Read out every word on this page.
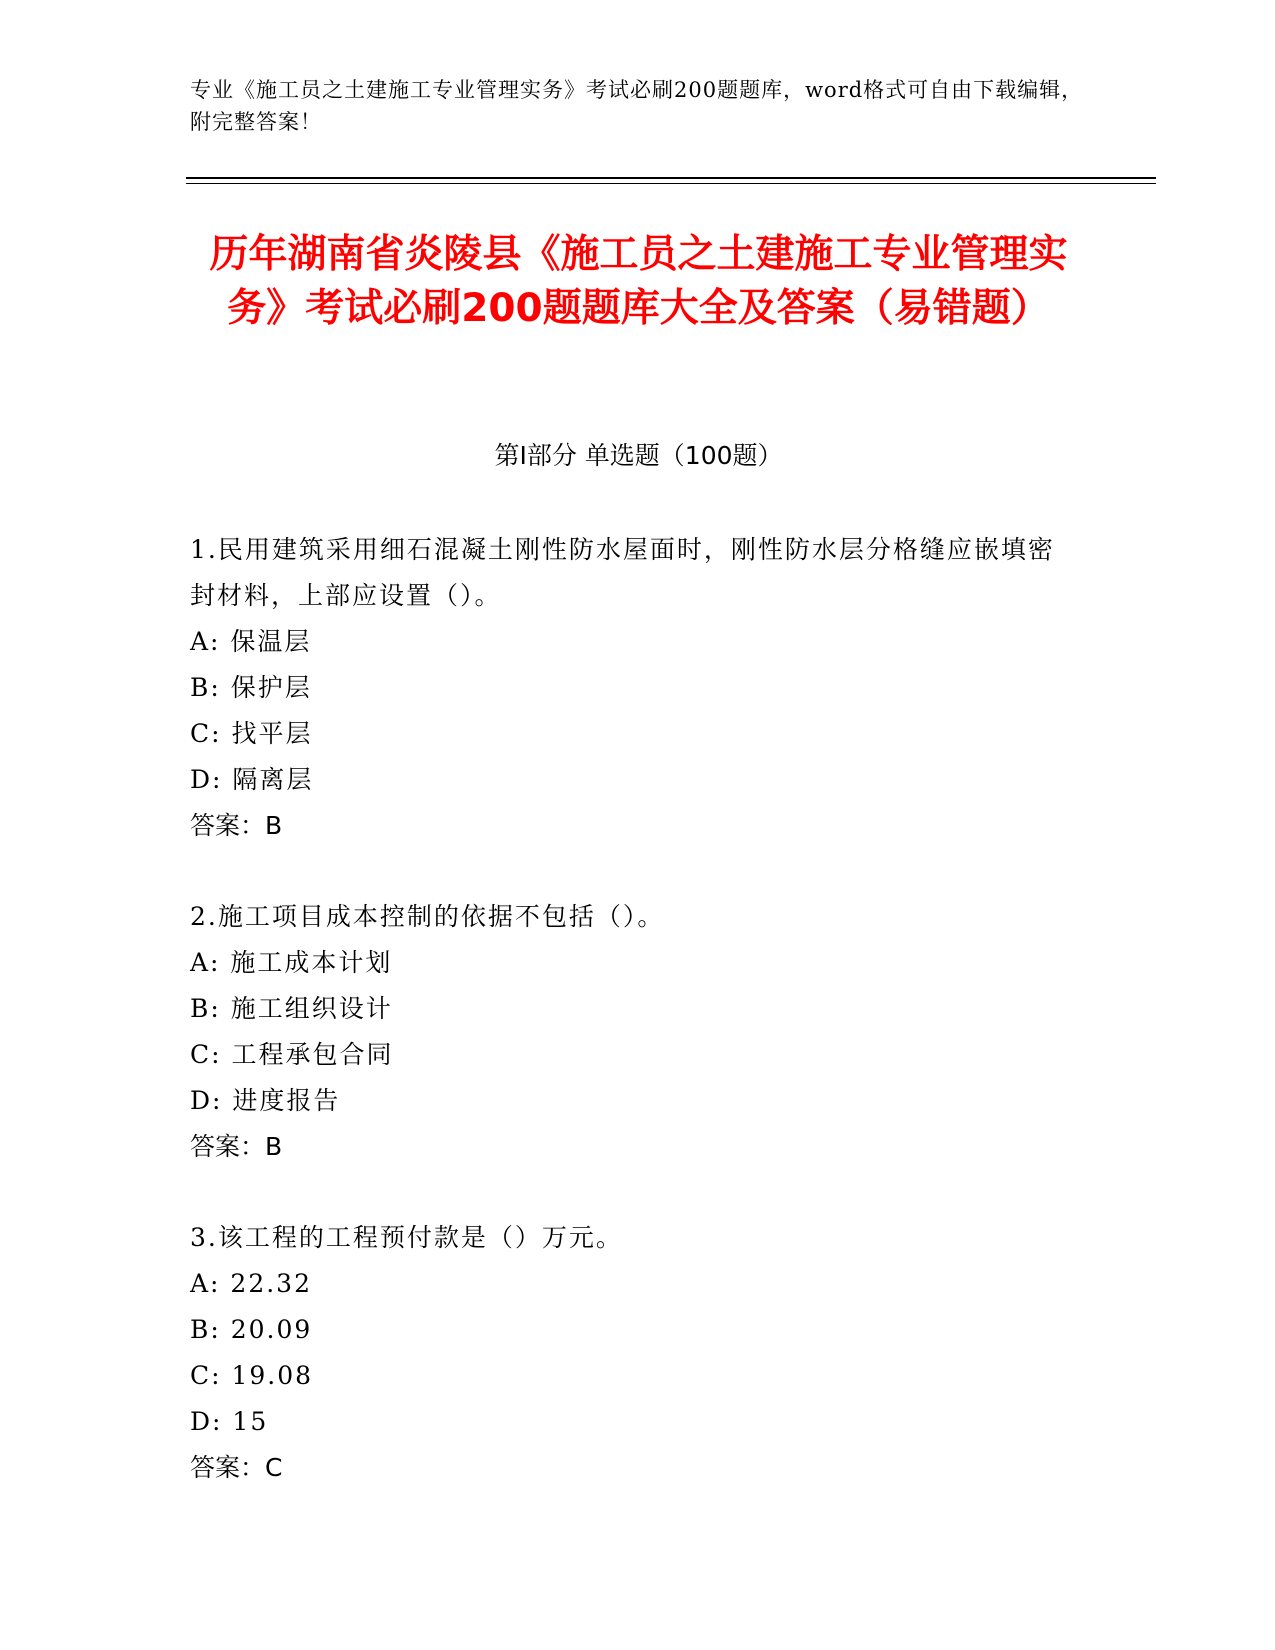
专业《施工员之土建施工专业管理实务》考试必刷200题题库，word格式可自由下载编辑，附完整答案！
历年湖南省炎陵县《施工员之土建施工专业管理实务》考试必刷200题题库大全及答案（易错题）
第Ⅰ部分 单选题（100题）
1.民用建筑采用细石混凝土刚性防水屋面时，刚性防水层分格缝应嵌填密封材料，上部应设置（）。
A: 保温层
B: 保护层
C: 找平层
D: 隔离层
答案：B
2.施工项目成本控制的依据不包括（）。
A: 施工成本计划
B: 施工组织设计
C: 工程承包合同
D: 进度报告
答案：B
3.该工程的工程预付款是（）万元。
A: 22.32
B: 20.09
C: 19.08
D: 15
答案：C
